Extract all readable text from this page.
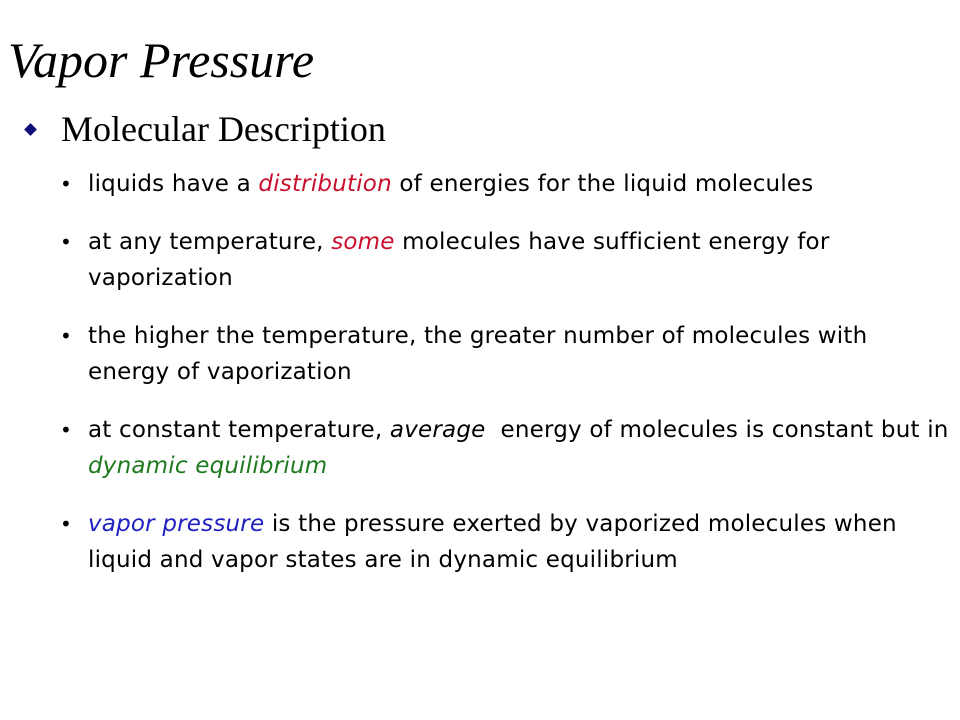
Vapor Pressure
Molecular Description
• liquids have a distribution of energies for the liquid molecules
• at any temperature, some molecules have sufficient energy for vaporization
• the higher the temperature, the greater number of molecules with energy of vaporization
• at constant temperature, average  energy of molecules is constant but in dynamic equilibrium
• vapor pressure is the pressure exerted by vaporized molecules when liquid and vapor states are in dynamic equilibrium
